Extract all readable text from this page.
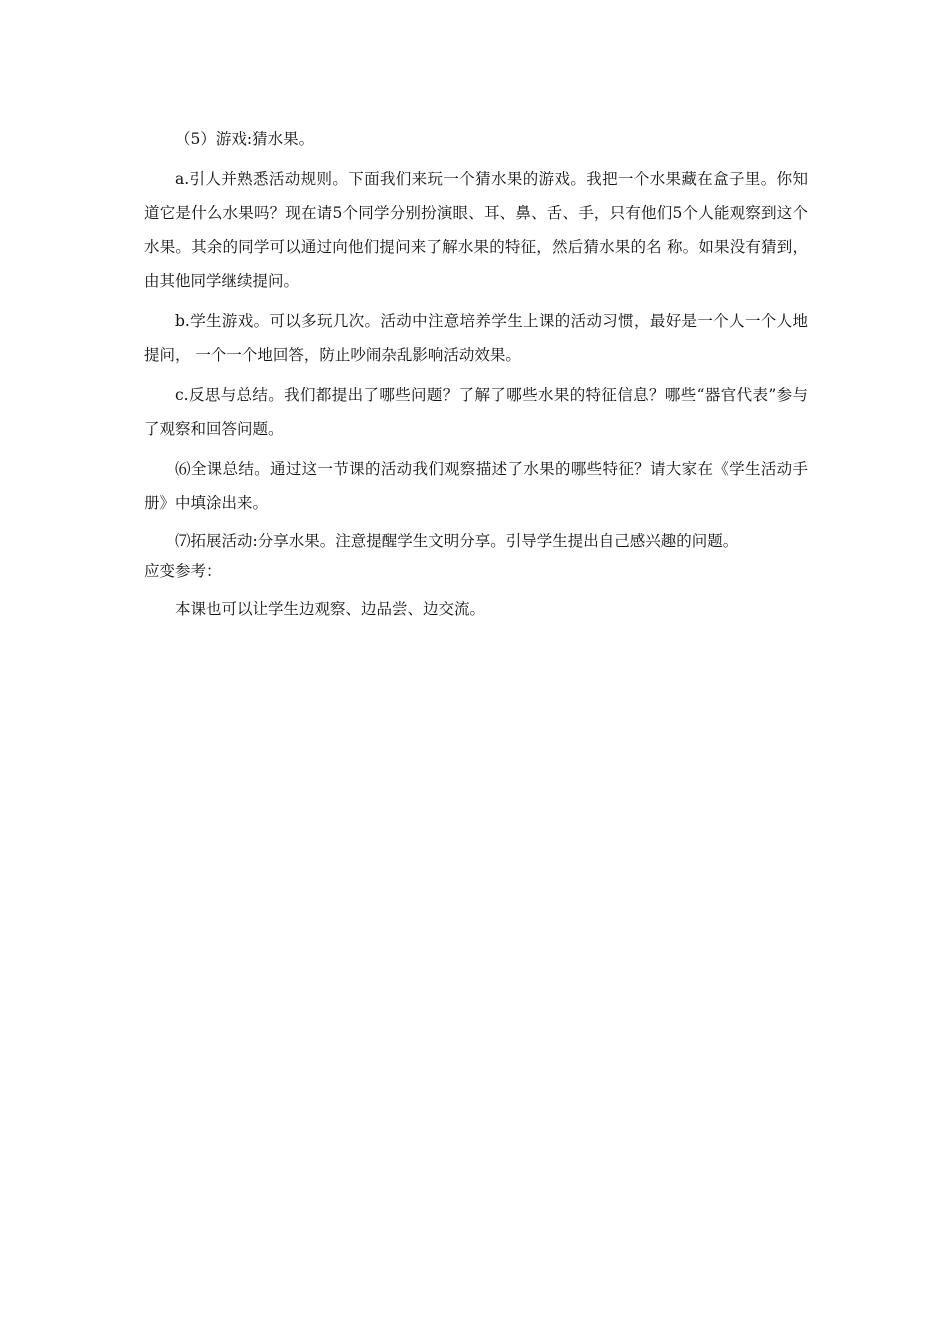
（5）游戏:猜水果。

a.引人并熟悉活动规则。下面我们来玩一个猜水果的游戏。我把一个水果藏在盒子里。你知道它是什么水果吗？现在请5个同学分别扮演眼、耳、鼻、舌、手，只有他们5个人能观察到这个水果。其余的同学可以通过向他们提问来了解水果的特征，然后猜水果的名 称。如果没有猜到，由其他同学继续提问。

b.学生游戏。可以多玩几次。活动中注意培养学生上课的活动习惯，最好是一个人一个人地提问， 一个一个地回答，防止吵闹杂乱影响活动效果。

c.反思与总结。我们都提出了哪些问题？了解了哪些水果的特征信息？哪些“器官代表”参与了观察和回答问题。

⑹全课总结。通过这一节课的活动我们观察描述了水果的哪些特征？请大家在《学生活动手册》中填涂出来。

⑺拓展活动:分享水果。注意提醒学生文明分享。引导学生提出自己感兴趣的问题。

应变参考：

本课也可以让学生边观察、边品尝、边交流。
